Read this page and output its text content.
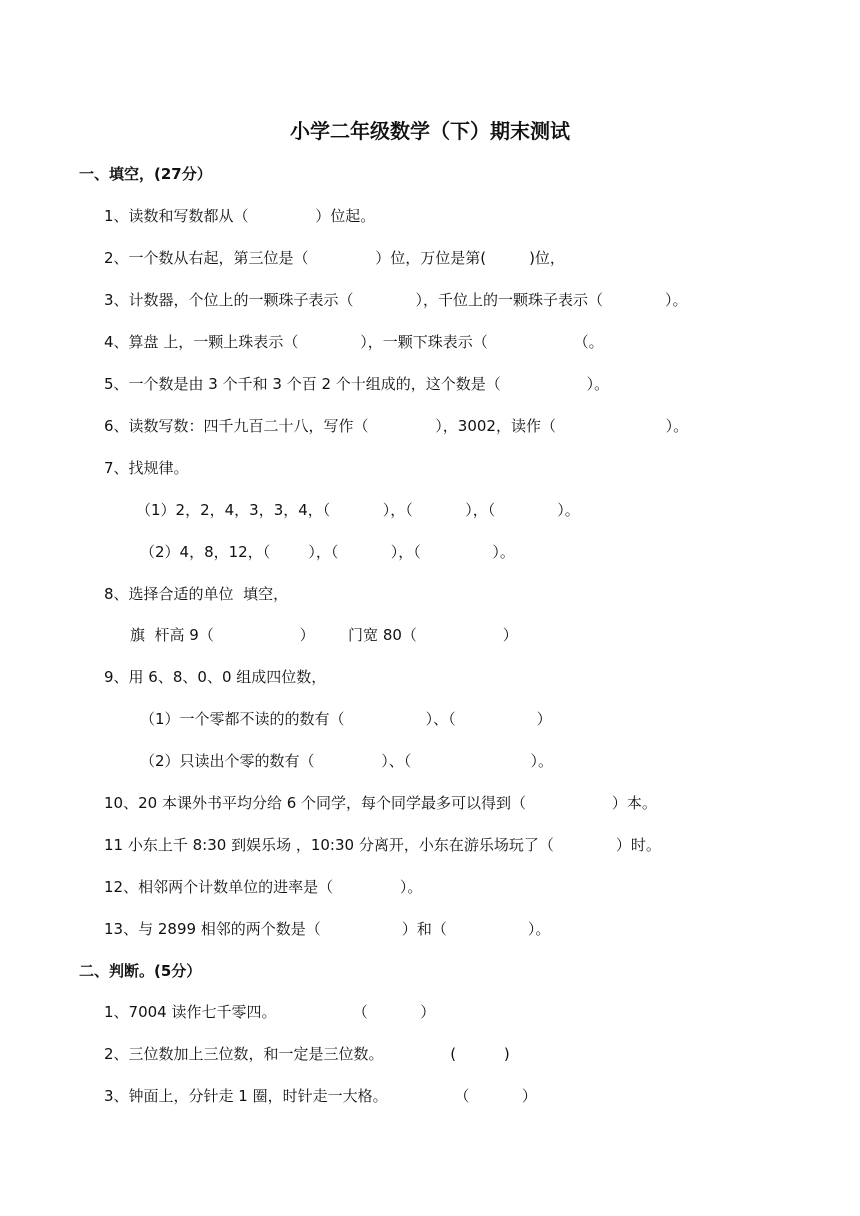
小学二年级数学（下）期末测试
一、填空，(27分）
1、读数和写数都从（              ）位起。
2、一个数从右起，第三位是（              ）位，万位是第(         )位，
3、计数器，个位上的一颗珠子表示（             ），千位上的一颗珠子表示（             ）。
4、算盘 上，一颗上珠表示（             ），一颗下珠表示（                  （。
5、一个数是由 3 个千和 3 个百 2 个十组成的，这个数是（                  ）。
6、读数写数：四千九百二十八，写作（              ），3002，读作（                       ）。
7、找规律。
（1）2，2，4，3，3，4，（           ），（           ），（             ）。
（2）4，8，12，（        ），（           ），（               ）。
8、选择合适的单位  填空，
旗  杆高 9（                  ）       门宽 80（                  ）
9、用 6、8、0、0 组成四位数，
（1）一个零都不读的的数有（                 ）、（                 ）
（2）只读出个零的数有（              ）、（                         ）。
10、20 本课外书平均分给 6 个同学，每个同学最多可以得到（                  ）本。
11 小东上千 8:30 到娱乐场 ，10:30 分离开，小东在游乐场玩了（             ）时。
12、相邻两个计数单位的进率是（              ）。
13、与 2899 相邻的两个数是（                 ）和（                 ）。
二、判断。(5分）
1、7004 读作七千零四。                （           ）
2、三位数加上三位数，和一定是三位数。              (          )
3、钟面上，分针走 1 圈，时针走一大格。              （           ）
